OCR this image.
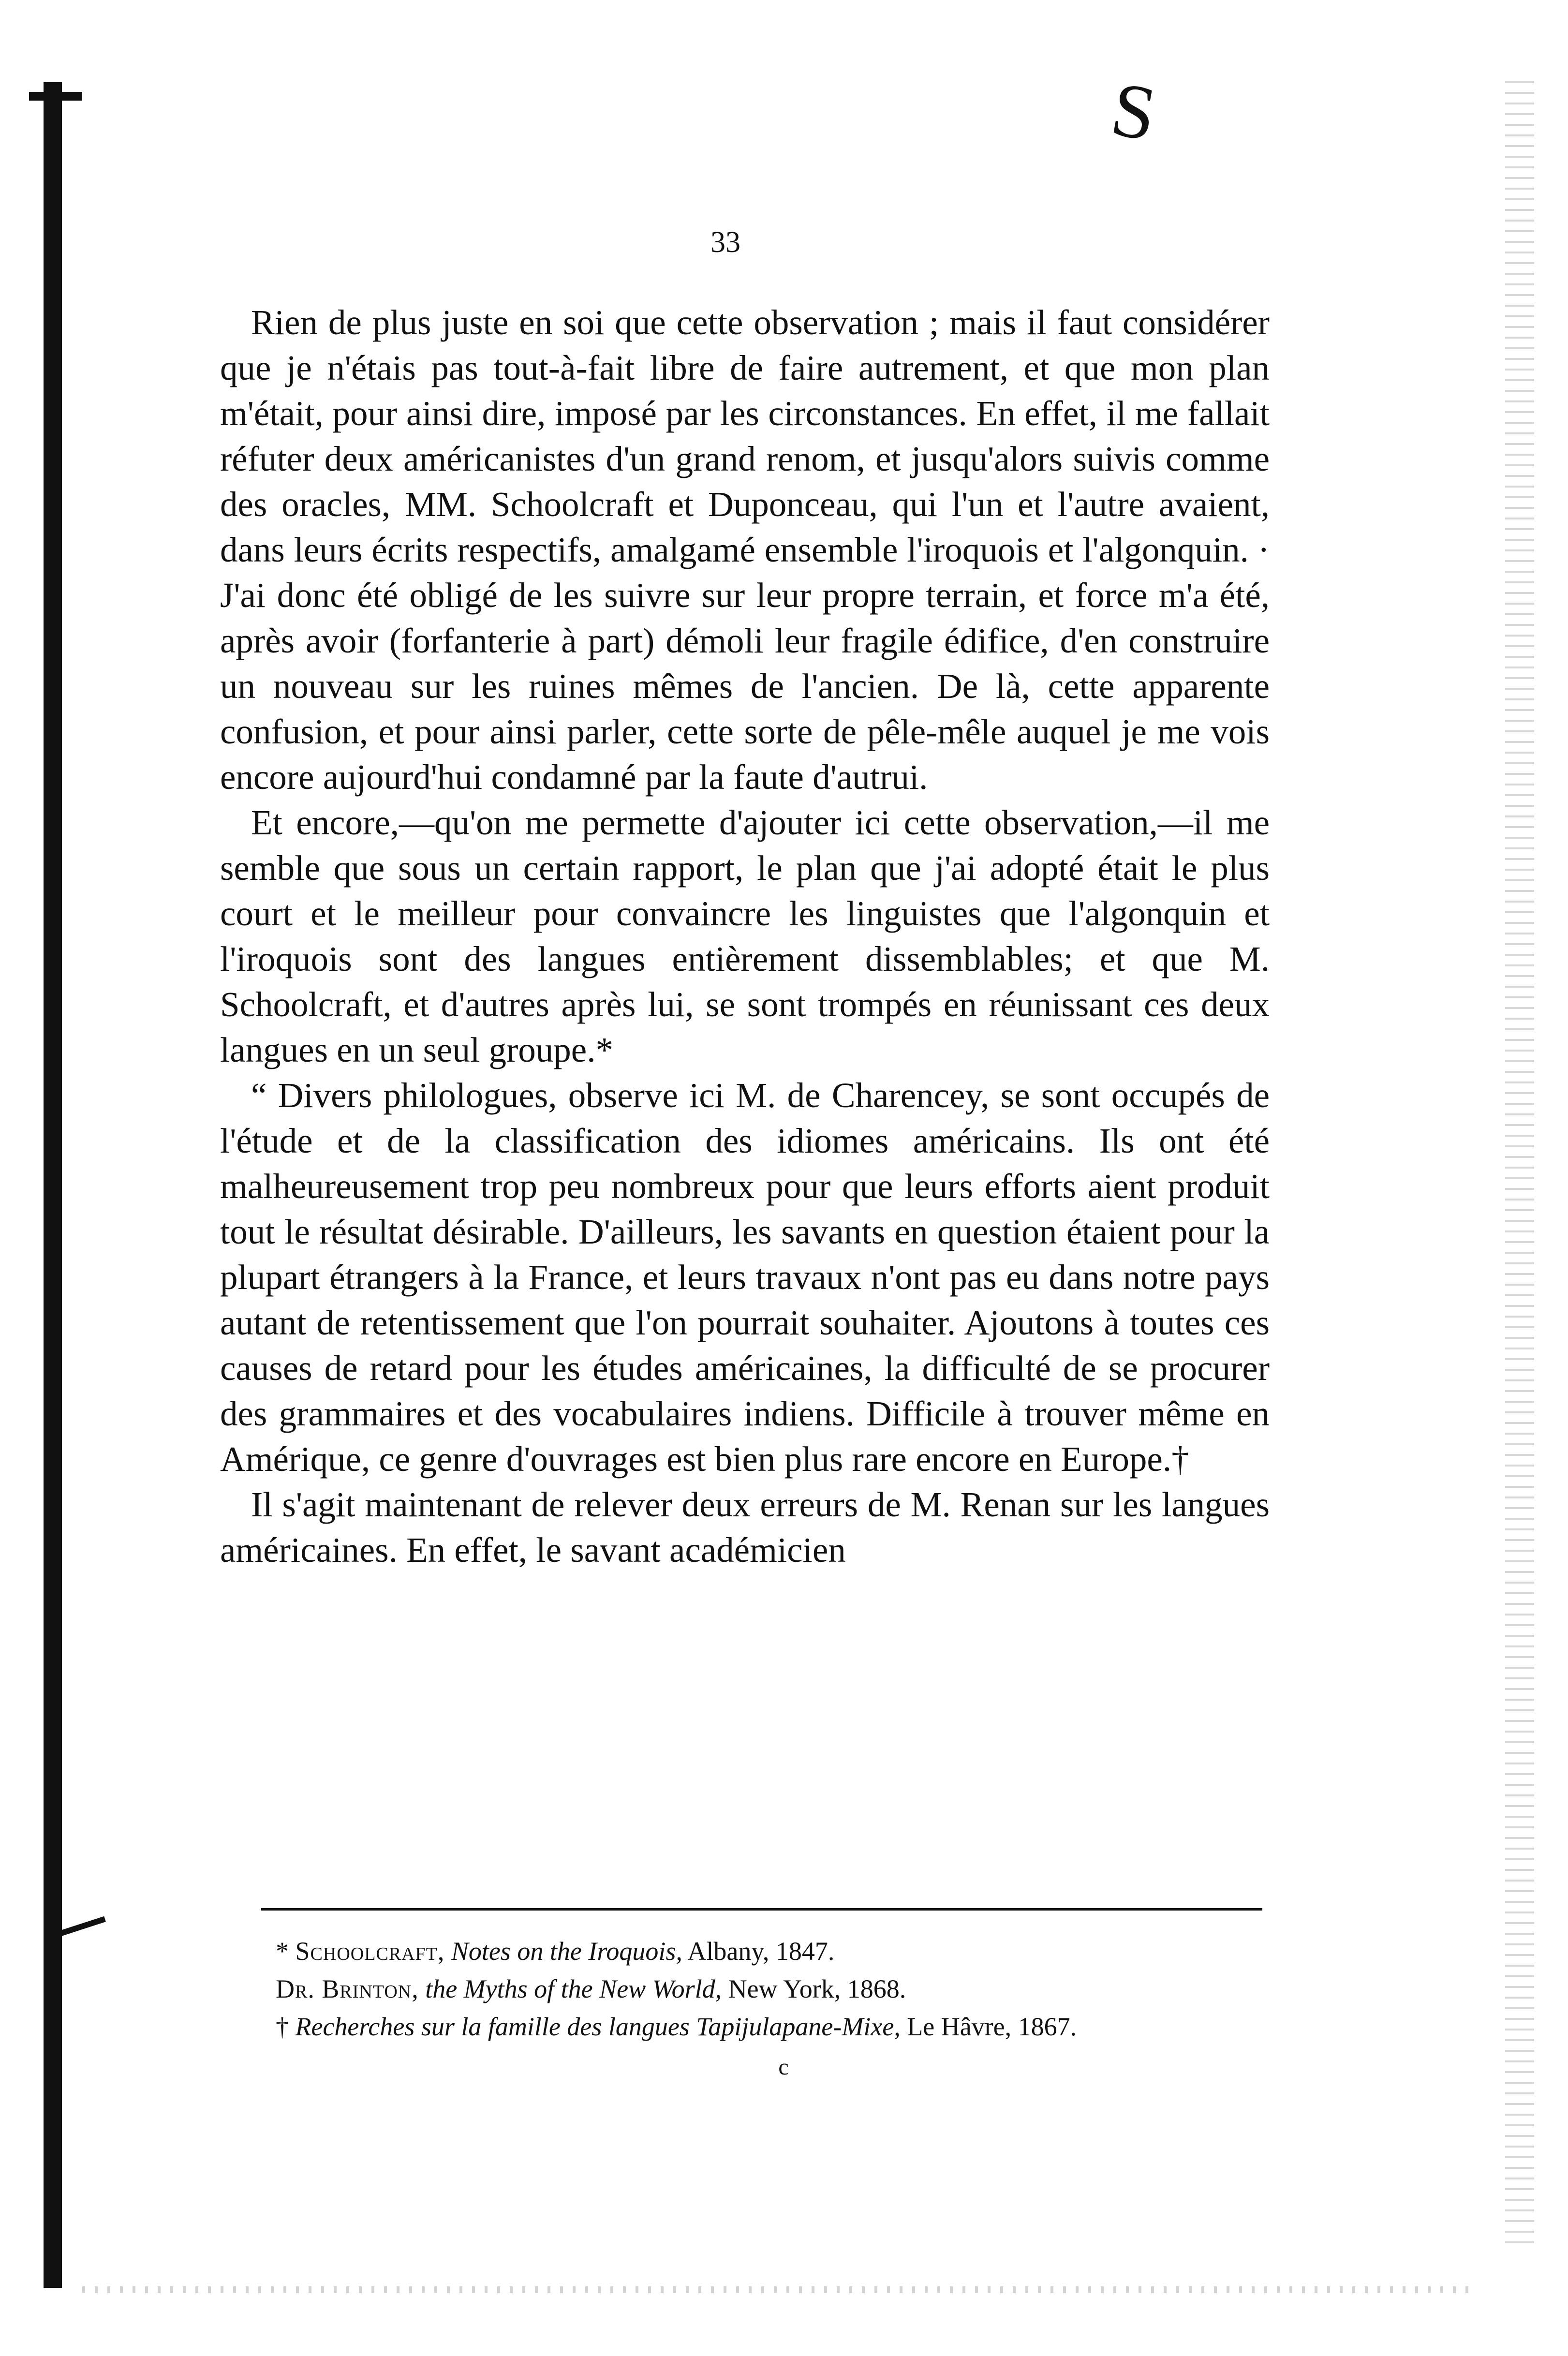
S
33

Rien de plus juste en soi que cette observation ; mais il faut considérer que je n'étais pas tout-à-fait libre de faire autrement, et que mon plan m'était, pour ainsi dire, imposé par les circonstances. En effet, il me fallait réfuter deux américanistes d'un grand renom, et jusqu'alors suivis comme des oracles, MM. Schoolcraft et Duponceau, qui l'un et l'autre avaient, dans leurs écrits respectifs, amalgamé ensemble l'iroquois et l'algonquin. · J'ai donc été obligé de les suivre sur leur propre terrain, et force m'a été, après avoir (forfanterie à part) démoli leur fragile édifice, d'en construire un nouveau sur les ruines mêmes de l'ancien. De là, cette apparente confusion, et pour ainsi parler, cette sorte de pêle-mêle auquel je me vois encore aujourd'hui condamné par la faute d'autrui.

Et encore,—qu'on me permette d'ajouter ici cette observation,—il me semble que sous un certain rapport, le plan que j'ai adopté était le plus court et le meilleur pour convaincre les linguistes que l'algonquin et l'iroquois sont des langues entièrement dissemblables; et que M. Schoolcraft, et d'autres après lui, se sont trompés en réunissant ces deux langues en un seul groupe.*

“ Divers philologues, observe ici M. de Charencey, se sont occupés de l'étude et de la classification des idiomes américains. Ils ont été malheureusement trop peu nombreux pour que leurs efforts aient produit tout le résultat désirable. D'ailleurs, les savants en question étaient pour la plupart étrangers à la France, et leurs travaux n'ont pas eu dans notre pays autant de retentissement que l'on pourrait souhaiter. Ajoutons à toutes ces causes de retard pour les études américaines, la difficulté de se procurer des grammaires et des vocabulaires indiens. Difficile à trouver même en Amérique, ce genre d'ouvrages est bien plus rare encore en Europe.†

Il s'agit maintenant de relever deux erreurs de M. Renan sur les langues américaines. En effet, le savant académicien

* Schoolcraft, Notes on the Iroquois, Albany, 1847.

Dr. Brinton, the Myths of the New World, New York, 1868.

† Recherches sur la famille des langues Tapijulapane-Mixe, Le Hâvre, 1867.

c
